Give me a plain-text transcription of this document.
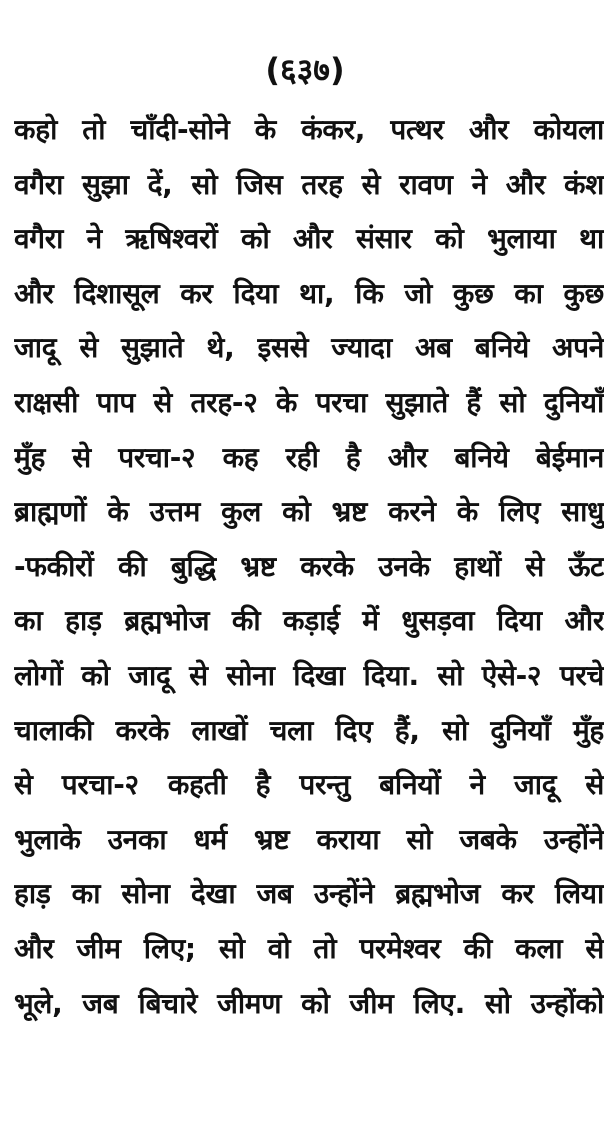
(६३७)
कहो तो चाँदी-सोने के कंकर, पत्थर और कोयला
वगैरा सुझा दें, सो जिस तरह से रावण ने और कंश
वगैरा ने ऋषिश्वरों को और संसार को भुलाया था
और दिशासूल कर दिया था, कि जो कुछ का कुछ
जादू से सुझाते थे, इससे ज्यादा अब बनिये अपने
राक्षसी पाप से तरह-२ के परचा सुझाते हैं सो दुनियाँ
मुँह से परचा-२ कह रही है और बनिये बेईमान
ब्राह्मणों के उत्तम कुल को भ्रष्ट करने के लिए साधु
-फकीरों की बुद्धि भ्रष्ट करके उनके हाथों से ऊँट
का हाड़ ब्रह्मभोज की कड़ाई में धुसड़वा दिया और
लोगों को जादू से सोना दिखा दिया. सो ऐसे-२ परचे
चालाकी करके लाखों चला दिए हैं, सो दुनियाँ मुँह
से परचा-२ कहती है परन्तु बनियों ने जादू से
भुलाके उनका धर्म भ्रष्ट कराया सो जबके उन्होंने
हाड़ का सोना देखा जब उन्होंने ब्रह्मभोज कर लिया
और जीम लिए; सो वो तो परमेश्वर की कला से
भूले, जब बिचारे जीमण को जीम लिए. सो उन्होंको
